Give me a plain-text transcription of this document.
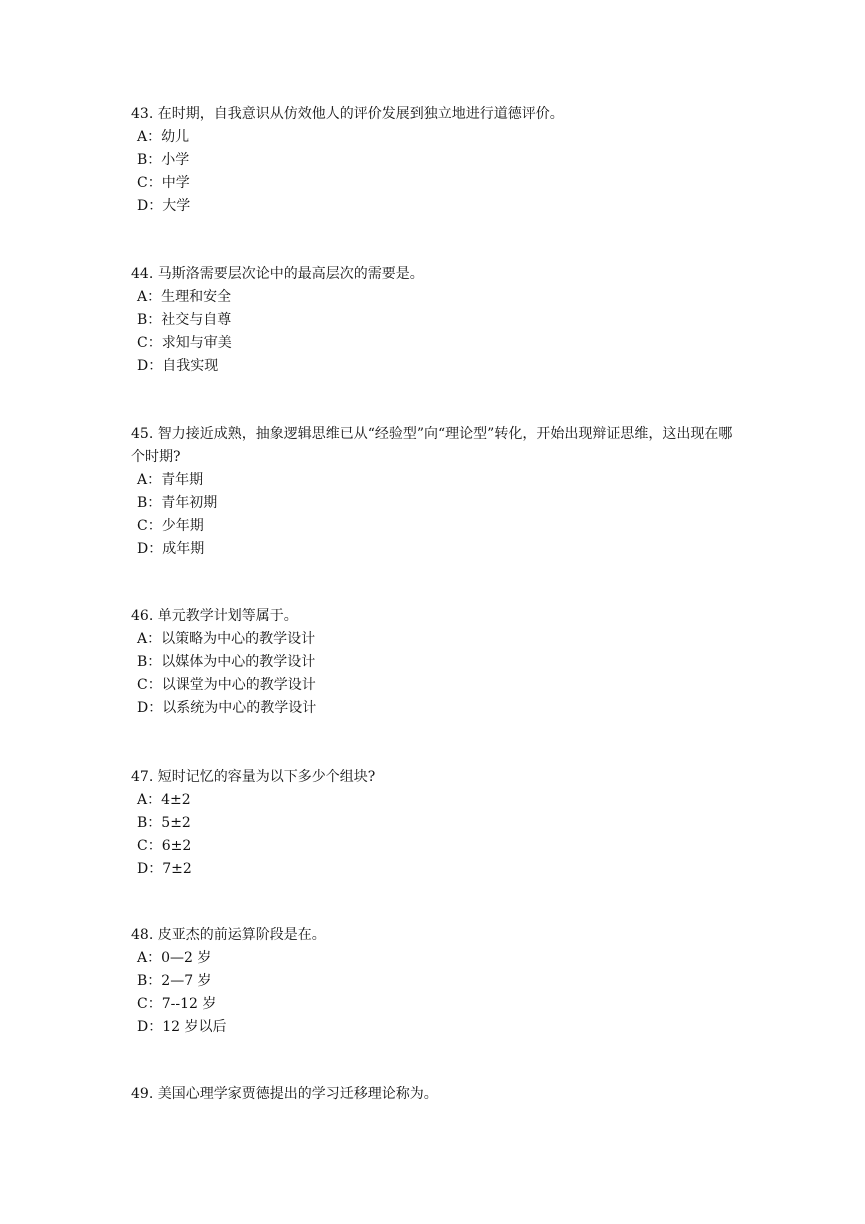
43. 在时期，自我意识从仿效他人的评价发展到独立地进行道德评价。

A：幼儿

B：小学

C：中学

D：大学

44. 马斯洛需要层次论中的最高层次的需要是。

A：生理和安全

B：社交与自尊

C：求知与审美

D：自我实现

45. 智力接近成熟，抽象逻辑思维已从“经验型”向“理论型”转化，开始出现辩证思维，这出现在哪个时期?

A：青年期

B：青年初期

C：少年期

D：成年期

46. 单元教学计划等属于。

A：以策略为中心的教学设计

B：以媒体为中心的教学设计

C：以课堂为中心的教学设计

D：以系统为中心的教学设计

47. 短时记忆的容量为以下多少个组块?

A：4±2

B：5±2

C：6±2

D：7±2

48. 皮亚杰的前运算阶段是在。

A：0—2 岁

B：2—7 岁

C：7--12 岁

D：12 岁以后

49. 美国心理学家贾德提出的学习迁移理论称为。
